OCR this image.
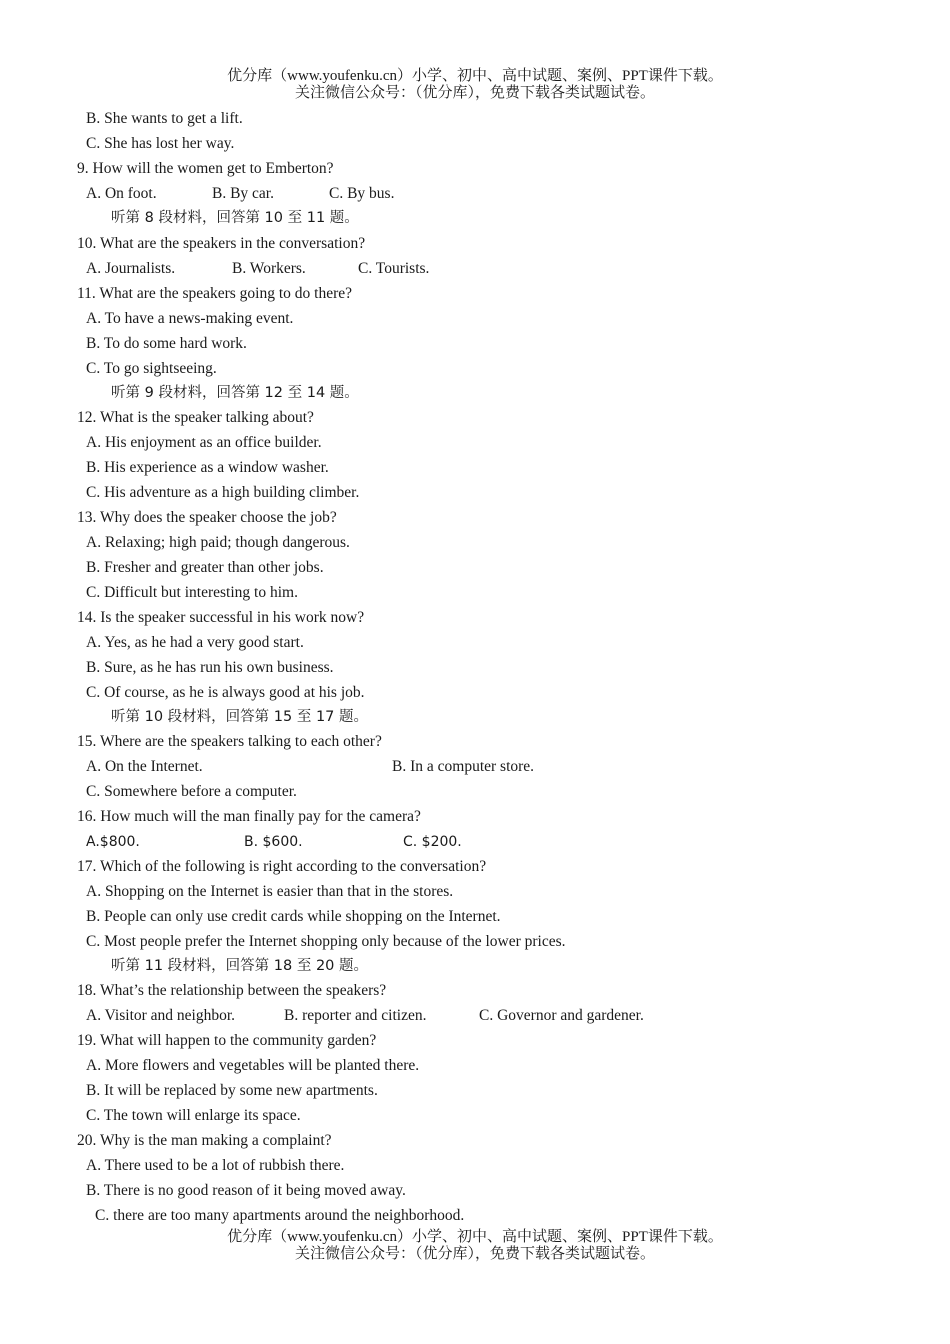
优分库（www.youfenku.cn）小学、初中、高中试题、案例、PPT课件下载。
关注微信公众号：（优分库），免费下载各类试题试卷。
B. She wants to get a lift.
C. She has lost her way.
9. How will the women get to Emberton?
A. On foot.	B. By car.	C. By bus.
听第 8 段材料，回答第 10 至 11 题。
10. What are the speakers in the conversation?
A. Journalists.	B. Workers.	C. Tourists.
11. What are the speakers going to do there?
A. To have a news-making event.
B. To do some hard work.
C. To go sightseeing.
听第 9 段材料，回答第 12 至 14 题。
12. What is the speaker talking about?
A. His enjoyment as an office builder.
B. His experience as a window washer.
C. His adventure as a high building climber.
13. Why does the speaker choose the job?
A. Relaxing; high paid; though dangerous.
B. Fresher and greater than other jobs.
C. Difficult but interesting to him.
14. Is the speaker successful in his work now?
A. Yes, as he had a very good start.
B. Sure, as he has run his own business.
C. Of course, as he is always good at his job.
听第 10 段材料，回答第 15 至 17 题。
15. Where are the speakers talking to each other?
A. On the Internet.	B. In a computer store.
C. Somewhere before a computer.
16. How much will the man finally pay for the camera?
A.$800.	B. $600.	C. $200.
17. Which of the following is right according to the conversation?
A. Shopping on the Internet is easier than that in the stores.
B. People can only use credit cards while shopping on the Internet.
C. Most people prefer the Internet shopping only because of the lower prices.
听第 11 段材料，回答第 18 至 20 题。
18. What’s the relationship between the speakers?
A. Visitor and neighbor.	B. reporter and citizen.	C. Governor and gardener.
19. What will happen to the community garden?
A. More flowers and vegetables will be planted there.
B. It will be replaced by some new apartments.
C. The town will enlarge its space.
20. Why is the man making a complaint?
A. There used to be a lot of rubbish there.
B. There is no good reason of it being moved away.
C. there are too many apartments around the neighborhood.
优分库（www.youfenku.cn）小学、初中、高中试题、案例、PPT课件下载。
关注微信公众号：（优分库），免费下载各类试题试卷。
